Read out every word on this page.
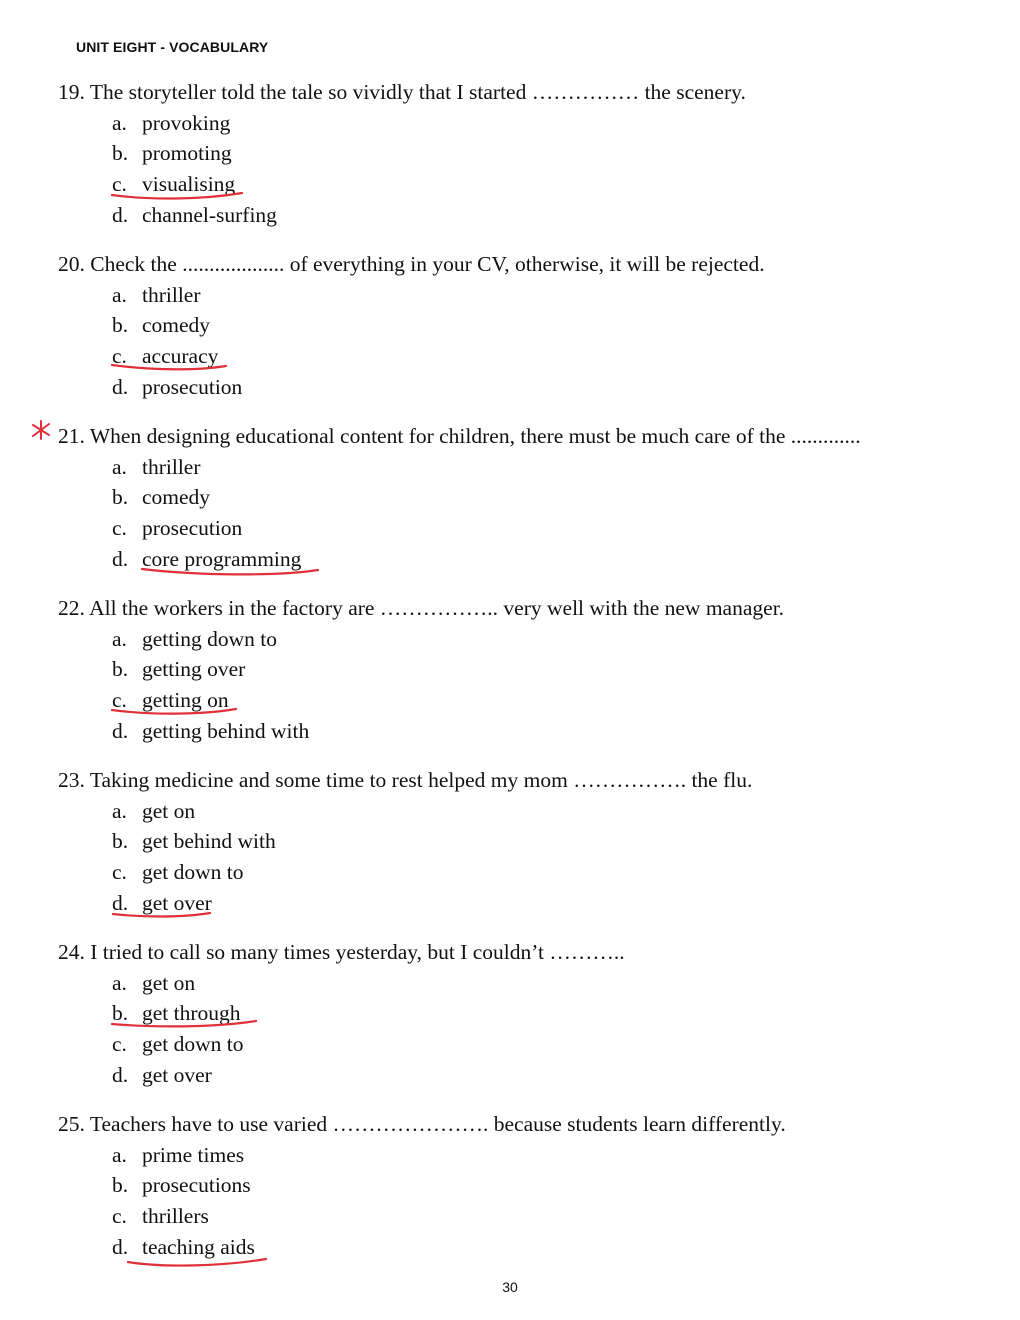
UNIT EIGHT - VOCABULARY
19. The storyteller told the tale so vividly that I started …………… the scenery.
a. provoking
b. promoting
c. visualising
d. channel-surfing
20. Check the ................... of everything in your CV, otherwise, it will be rejected.
a. thriller
b. comedy
c. accuracy
d. prosecution
21. When designing educational content for children, there must be much care of the .............
a. thriller
b. comedy
c. prosecution
d. core programming
22. All the workers in the factory are …………….. very well with the new manager.
a. getting down to
b. getting over
c. getting on
d. getting behind with
23. Taking medicine and some time to rest helped my mom ……………. the flu.
a. get on
b. get behind with
c. get down to
d. get over
24. I tried to call so many times yesterday, but I couldn’t ………..
a. get on
b. get through
c. get down to
d. get over
25. Teachers have to use varied …………………. because students learn differently.
a. prime times
b. prosecutions
c. thrillers
d. teaching aids
30
